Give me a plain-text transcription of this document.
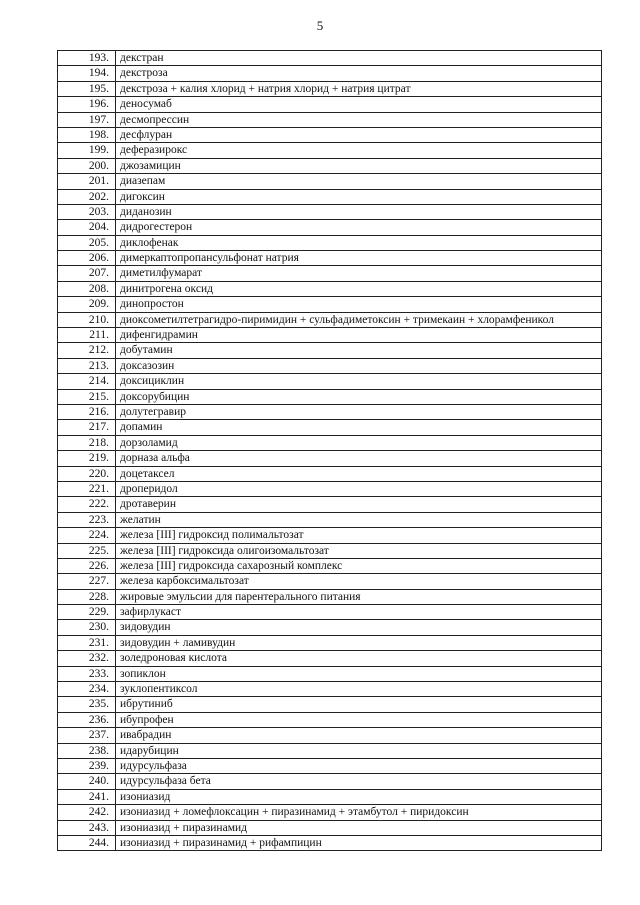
5
193.	декстран
194.	декстроза
195.	декстроза + калия хлорид + натрия хлорид + натрия цитрат
196.	деносумаб
197.	десмопрессин
198.	десфлуран
199.	деферазирокс
200.	джозамицин
201.	диазепам
202.	дигоксин
203.	диданозин
204.	дидрогестерон
205.	диклофенак
206.	димеркаптопропансульфонат натрия
207.	диметилфумарат
208.	динитрогена оксид
209.	динопростон
210.	диоксометилтетрагидро-пиримидин + сульфадиметоксин + тримекаин + хлорамфеникол
211.	дифенгидрамин
212.	добутамин
213.	доксазозин
214.	доксициклин
215.	доксорубицин
216.	долутегравир
217.	допамин
218.	дорзоламид
219.	дорназа альфа
220.	доцетаксел
221.	дроперидол
222.	дротаверин
223.	желатин
224.	железа [III] гидроксид полимальтозат
225.	железа [III] гидроксида олигоизомальтозат
226.	железа [III] гидроксида сахарозный комплекс
227.	железа карбоксимальтозат
228.	жировые эмульсии для парентерального питания
229.	зафирлукаст
230.	зидовудин
231.	зидовудин + ламивудин
232.	золедроновая кислота
233.	зопиклон
234.	зуклопентиксол
235.	ибрутиниб
236.	ибупрофен
237.	ивабрадин
238.	идарубицин
239.	идурсульфаза
240.	идурсульфаза бета
241.	изониазид
242.	изониазид + ломефлоксацин + пиразинамид + этамбутол + пиридоксин
243.	изониазид + пиразинамид
244.	изониазид + пиразинамид + рифампицин
